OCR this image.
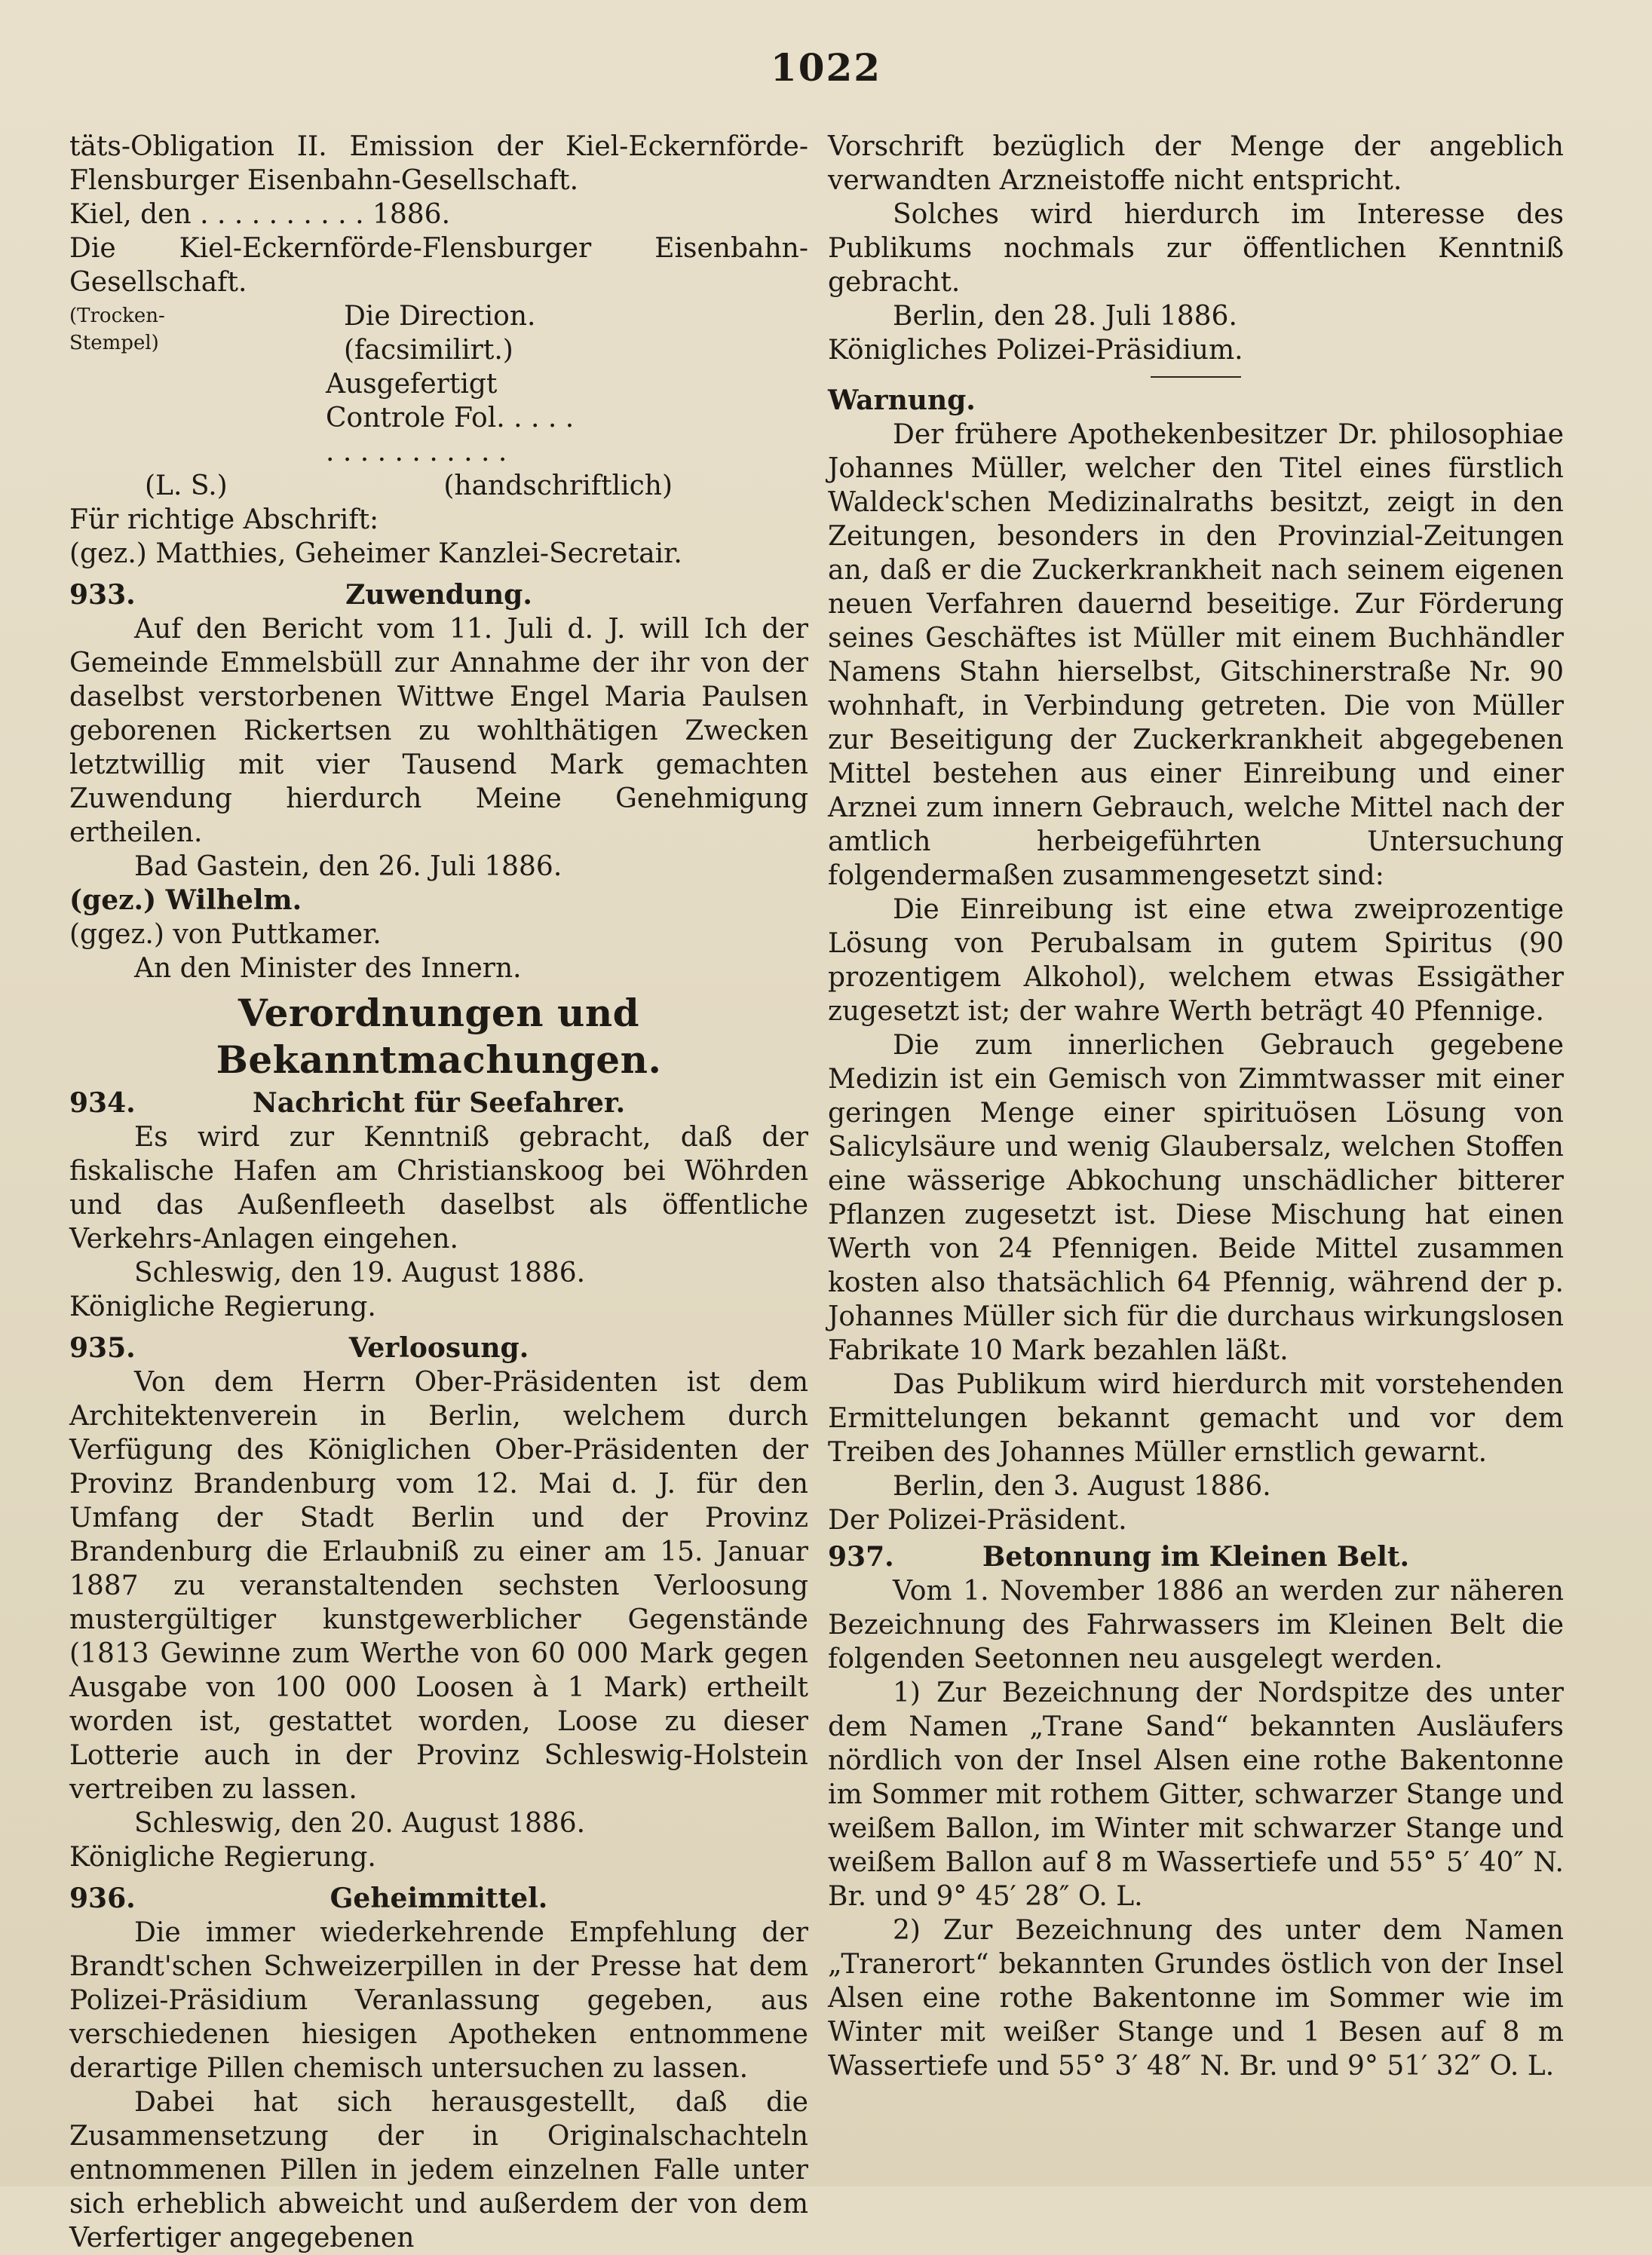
1022

täts-Obligation II. Emission der Kiel-Eckernförde-Flensburger Eisenbahn-Gesellschaft.

Kiel, den . . . . . . . . . . 1886.

Die Kiel-Eckernförde-Flensburger Eisenbahn-Gesellschaft.

(Trocken-Stempel)
Die Direction.
(facsimilirt.)

Ausgefertigt

Controle Fol. . . . .

. . . . . . . . . . .

(L. S.)	(handschriftlich)

Für richtige Abschrift:

(gez.) Matthies, Geheimer Kanzlei-Secretair.

933.	Zuwendung.

Auf den Bericht vom 11. Juli d. J. will Ich der Gemeinde Emmelsbüll zur Annahme der ihr von der daselbst verstorbenen Wittwe Engel Maria Paulsen geborenen Rickertsen zu wohlthätigen Zwecken letztwillig mit vier Tausend Mark gemachten Zuwendung hierdurch Meine Genehmigung ertheilen.

Bad Gastein, den 26. Juli 1886.

(gez.) Wilhelm.

(ggez.) von Puttkamer.

An den Minister des Innern.

Verordnungen und Bekanntmachungen.
934.	Nachricht für Seefahrer.

Es wird zur Kenntniß gebracht, daß der fiskalische Hafen am Christianskoog bei Wöhrden und das Außenfleeth daselbst als öffentliche Verkehrs-Anlagen eingehen.

Schleswig, den 19. August 1886.

Königliche Regierung.

935.	Verloosung.

Von dem Herrn Ober-Präsidenten ist dem Architektenverein in Berlin, welchem durch Verfügung des Königlichen Ober-Präsidenten der Provinz Brandenburg vom 12. Mai d. J. für den Umfang der Stadt Berlin und der Provinz Brandenburg die Erlaubniß zu einer am 15. Januar 1887 zu veranstaltenden sechsten Verloosung mustergültiger kunstgewerblicher Gegenstände (1813 Gewinne zum Werthe von 60 000 Mark gegen Ausgabe von 100 000 Loosen à 1 Mark) ertheilt worden ist, gestattet worden, Loose zu dieser Lotterie auch in der Provinz Schleswig-Holstein vertreiben zu lassen.

Schleswig, den 20. August 1886.

Königliche Regierung.

936.	Geheimmittel.

Die immer wiederkehrende Empfehlung der Brandt'schen Schweizerpillen in der Presse hat dem Polizei-Präsidium Veranlassung gegeben, aus verschiedenen hiesigen Apotheken entnommene derartige Pillen chemisch untersuchen zu lassen.

Dabei hat sich herausgestellt, daß die Zusammensetzung der in Originalschachteln entnommenen Pillen in jedem einzelnen Falle unter sich erheblich abweicht und außerdem der von dem Verfertiger angegebenen

Vorschrift bezüglich der Menge der angeblich verwandten Arzneistoffe nicht entspricht.

Solches wird hierdurch im Interesse des Publikums nochmals zur öffentlichen Kenntniß gebracht.

Berlin, den 28. Juli 1886.

Königliches Polizei-Präsidium.

Warnung.

Der frühere Apothekenbesitzer Dr. philosophiae Johannes Müller, welcher den Titel eines fürstlich Waldeck'schen Medizinalraths besitzt, zeigt in den Zeitungen, besonders in den Provinzial-Zeitungen an, daß er die Zuckerkrankheit nach seinem eigenen neuen Verfahren dauernd beseitige. Zur Förderung seines Geschäftes ist Müller mit einem Buchhändler Namens Stahn hierselbst, Gitschinerstraße Nr. 90 wohnhaft, in Verbindung getreten. Die von Müller zur Beseitigung der Zuckerkrankheit abgegebenen Mittel bestehen aus einer Einreibung und einer Arznei zum innern Gebrauch, welche Mittel nach der amtlich herbeigeführten Untersuchung folgendermaßen zusammengesetzt sind:

Die Einreibung ist eine etwa zweiprozentige Lösung von Perubalsam in gutem Spiritus (90 prozentigem Alkohol), welchem etwas Essigäther zugesetzt ist; der wahre Werth beträgt 40 Pfennige.

Die zum innerlichen Gebrauch gegebene Medizin ist ein Gemisch von Zimmtwasser mit einer geringen Menge einer spirituösen Lösung von Salicylsäure und wenig Glaubersalz, welchen Stoffen eine wässerige Abkochung unschädlicher bitterer Pflanzen zugesetzt ist. Diese Mischung hat einen Werth von 24 Pfennigen. Beide Mittel zusammen kosten also thatsächlich 64 Pfennig, während der p. Johannes Müller sich für die durchaus wirkungslosen Fabrikate 10 Mark bezahlen läßt.

Das Publikum wird hierdurch mit vorstehenden Ermittelungen bekannt gemacht und vor dem Treiben des Johannes Müller ernstlich gewarnt.

Berlin, den 3. August 1886.

Der Polizei-Präsident.

937.	Betonnung im Kleinen Belt.

Vom 1. November 1886 an werden zur näheren Bezeichnung des Fahrwassers im Kleinen Belt die folgenden Seetonnen neu ausgelegt werden.

1) Zur Bezeichnung der Nordspitze des unter dem Namen „Trane Sand“ bekannten Ausläufers nördlich von der Insel Alsen eine rothe Bakentonne im Sommer mit rothem Gitter, schwarzer Stange und weißem Ballon, im Winter mit schwarzer Stange und weißem Ballon auf 8 m Wassertiefe und 55° 5′ 40″ N. Br. und 9° 45′ 28″ O. L.

2) Zur Bezeichnung des unter dem Namen „Tranerort“ bekannten Grundes östlich von der Insel Alsen eine rothe Bakentonne im Sommer wie im Winter mit weißer Stange und 1 Besen auf 8 m Wassertiefe und 55° 3′ 48″ N. Br. und 9° 51′ 32″ O. L.
